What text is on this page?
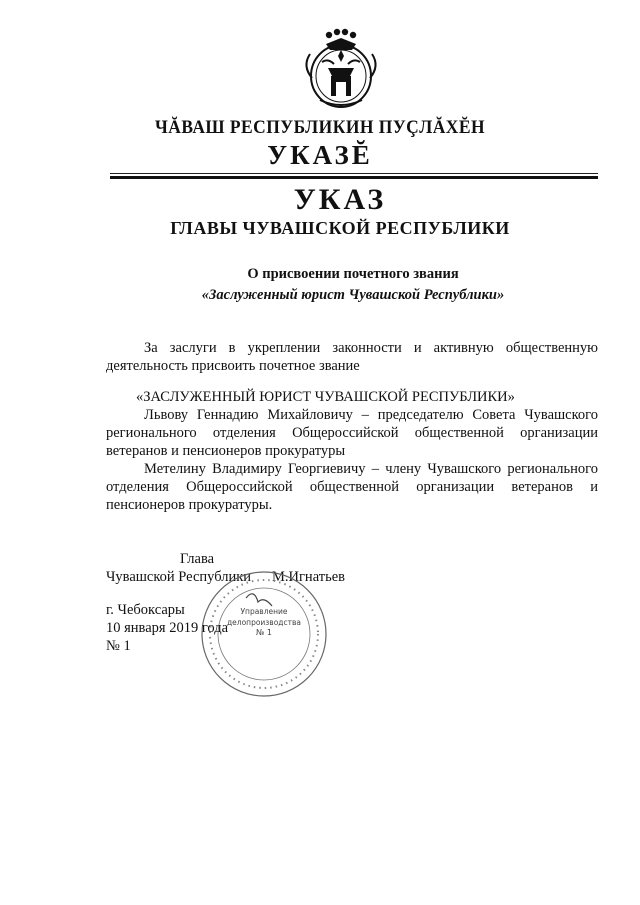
ЧĂВАШ РЕСПУБЛИКИН ПУÇЛĂХĔН
УКАЗĔ
УКАЗ
ГЛАВЫ ЧУВАШСКОЙ РЕСПУБЛИКИ
О присвоении почетного звания
«Заслуженный юрист Чувашской Республики»

За заслуги в укреплении законности и активную общественную деятельность присвоить почетное звание

«ЗАСЛУЖЕННЫЙ ЮРИСТ ЧУВАШСКОЙ РЕСПУБЛИКИ»

Львову Геннадию Михайловичу – председателю Совета Чувашского регионального отделения Общероссийской общественной организации ветеранов и пенсионеров прокуратуры

Метелину Владимиру Георгиевичу – члену Чувашского регионального отделения Общероссийской общественной организации ветеранов и пенсионеров прокуратуры.

Глава
Чувашской Республики М.Игнатьев
Управление
делопроизводства
№ 1
г. Чебоксары
10 января 2019 года
№ 1
